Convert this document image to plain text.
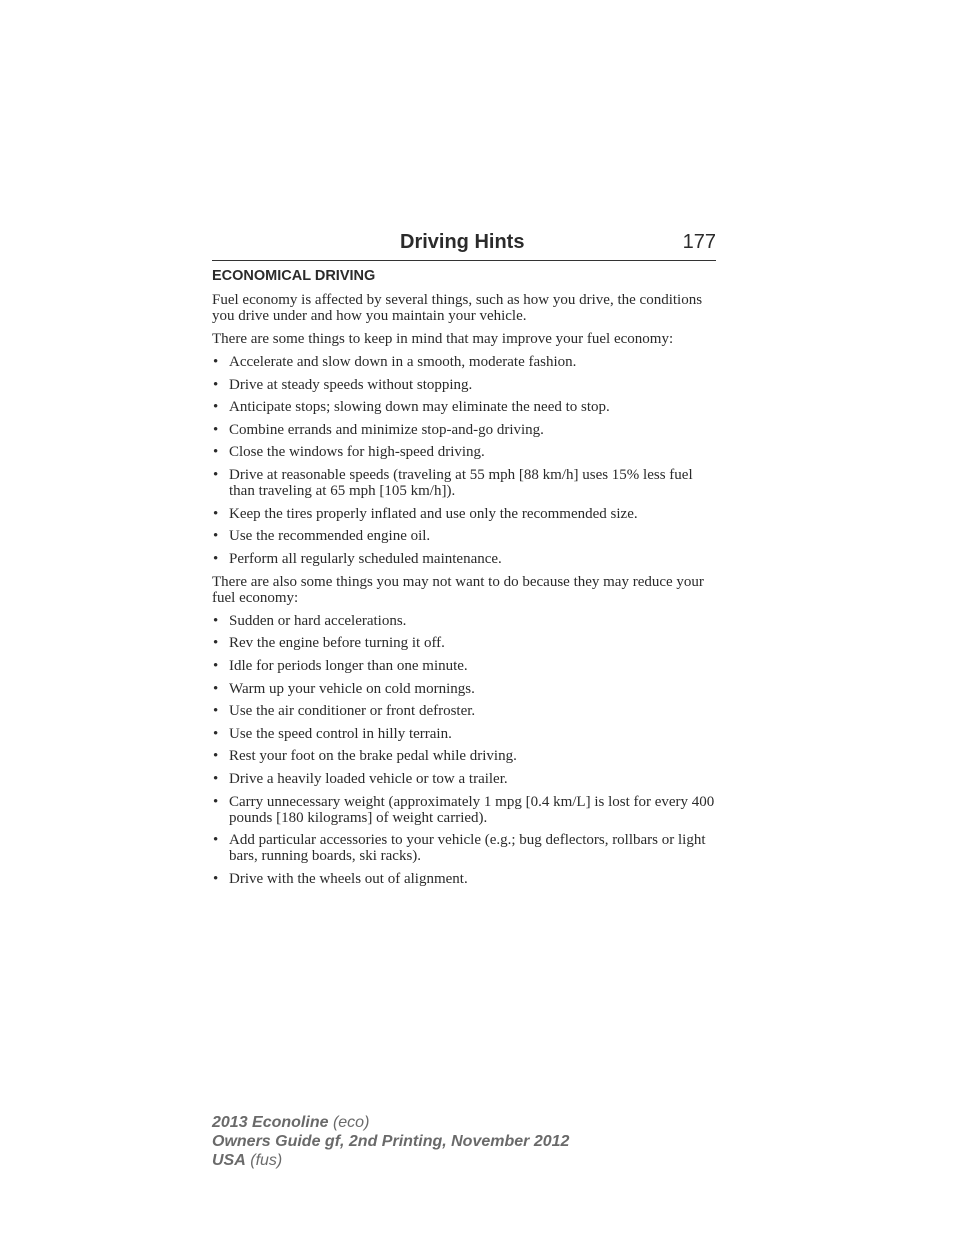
Driving Hints	177
ECONOMICAL DRIVING

Fuel economy is affected by several things, such as how you drive, the conditions you drive under and how you maintain your vehicle.

There are some things to keep in mind that may improve your fuel economy:

• Accelerate and slow down in a smooth, moderate fashion.
• Drive at steady speeds without stopping.
• Anticipate stops; slowing down may eliminate the need to stop.
• Combine errands and minimize stop-and-go driving.
• Close the windows for high-speed driving.
• Drive at reasonable speeds (traveling at 55 mph [88 km/h] uses 15% less fuel than traveling at 65 mph [105 km/h]).
• Keep the tires properly inflated and use only the recommended size.
• Use the recommended engine oil.
• Perform all regularly scheduled maintenance.

There are also some things you may not want to do because they may reduce your fuel economy:

• Sudden or hard accelerations.
• Rev the engine before turning it off.
• Idle for periods longer than one minute.
• Warm up your vehicle on cold mornings.
• Use the air conditioner or front defroster.
• Use the speed control in hilly terrain.
• Rest your foot on the brake pedal while driving.
• Drive a heavily loaded vehicle or tow a trailer.
• Carry unnecessary weight (approximately 1 mpg [0.4 km/L] is lost for every 400 pounds [180 kilograms] of weight carried).
• Add particular accessories to your vehicle (e.g.; bug deflectors, rollbars or light bars, running boards, ski racks).
• Drive with the wheels out of alignment.
2013 Econoline (eco)
Owners Guide gf, 2nd Printing, November 2012
USA (fus)
